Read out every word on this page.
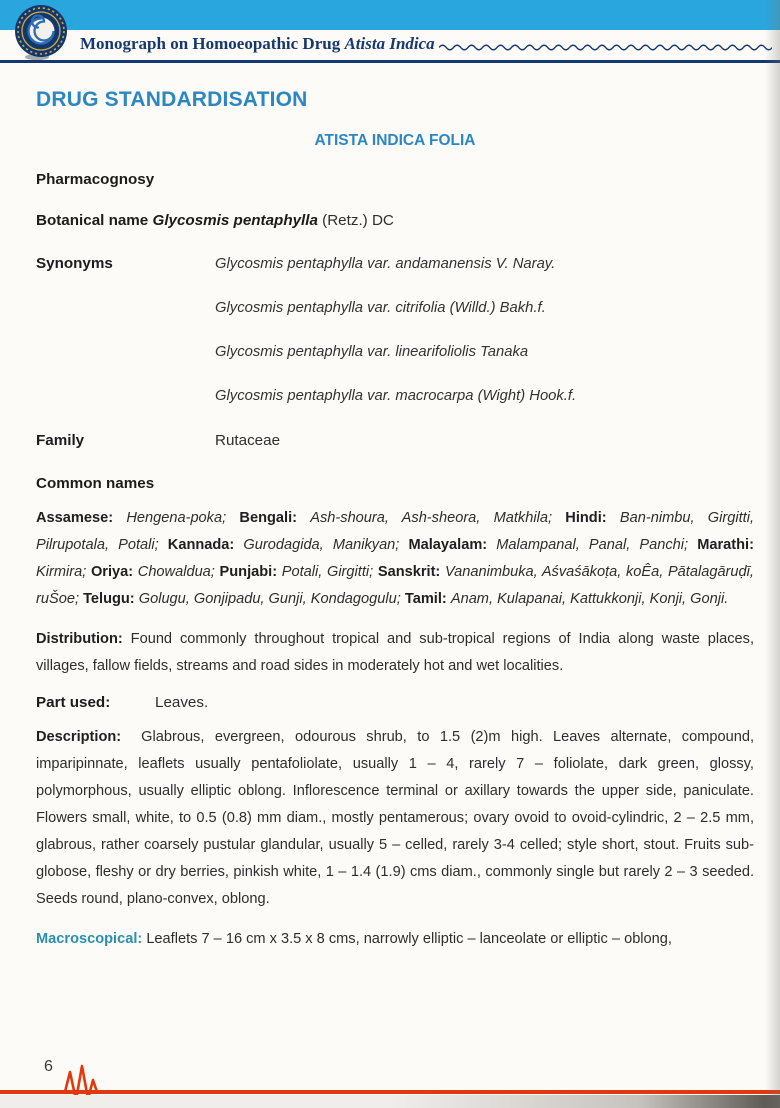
Monograph on Homoeopathic Drug Atista Indica
DRUG STANDARDISATION
ATISTA INDICA FOLIA
Pharmacognosy
Botanical name Glycosmis pentaphylla (Retz.) DC
Synonyms	Glycosmis pentaphylla var. andamanensis V. Naray.
Glycosmis pentaphylla var. citrifolia (Willd.) Bakh.f.
Glycosmis pentaphylla var. linearifoliolis Tanaka
Glycosmis pentaphylla var. macrocarpa (Wight) Hook.f.
Family	Rutaceae
Common names

Assamese: Hengena-poka; Bengali: Ash-shoura, Ash-sheora, Matkhila; Hindi: Ban-nimbu, Girgitti, Pilrupotala, Potali; Kannada: Gurodagida, Manikyan; Malayalam: Malampanal, Panal, Panchi; Marathi: Kirmira; Oriya: Chowaldua; Punjabi: Potali, Girgitti; Sanskrit: Vananimbuka, Aśvaśākoṭa, koÊa, Pātalagāruḍī, ruŠoe; Telugu: Golugu, Gonjipadu, Gunji, Kondagogulu; Tamil: Anam, Kulapanai, Kattukkonji, Konji, Gonji.

Distribution: Found commonly throughout tropical and sub-tropical regions of India along waste places, villages, fallow fields, streams and road sides in moderately hot and wet localities.

Part used:	Leaves.

Description: Glabrous, evergreen, odourous shrub, to 1.5 (2)m high. Leaves alternate, compound, imparipinnate, leaflets usually pentafoliolate, usually 1 – 4, rarely 7 – foliolate, dark green, glossy, polymorphous, usually elliptic oblong. Inflorescence terminal or axillary towards the upper side, paniculate. Flowers small, white, to 0.5 (0.8) mm diam., mostly pentamerous; ovary ovoid to ovoid-cylindric, 2 – 2.5 mm, glabrous, rather coarsely pustular glandular, usually 5 – celled, rarely 3-4 celled; style short, stout. Fruits sub-globose, fleshy or dry berries, pinkish white, 1 – 1.4 (1.9) cms diam., commonly single but rarely 2 – 3 seeded. Seeds round, plano-convex, oblong.

Macroscopical: Leaflets 7 – 16 cm x 3.5 x 8 cms, narrowly elliptic – lanceolate or elliptic – oblong,

6
